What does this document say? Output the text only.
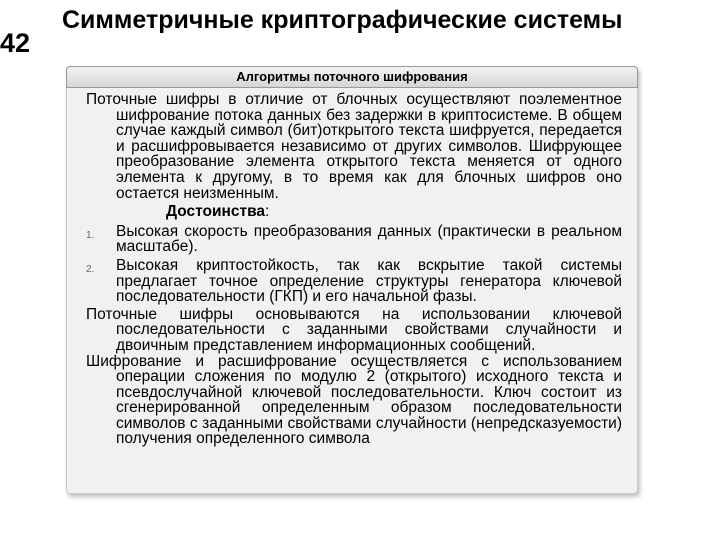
42
Симметричные криптографические системы
Алгоритмы поточного шифрования

Поточные шифры в отличие от блочных осуществляют поэлементное шифрование потока данных без задержки в криптосистеме. В общем случае каждый символ (бит)открытого текста шифруется, передается и расшифровывается независимо от других символов. Шифрующее преобразование элемента открытого текста меняется от одного элемента к другому, в то время как для блочных шифров оно остается неизменным.

Достоинства:

1. Высокая скорость преобразования данных (практически в реальном масштабе).
2. Высокая криптостойкость, так как вскрытие такой системы предлагает точное определение структуры генератора ключевой последовательности (ГКП) и его начальной фазы.

Поточные шифры основываются на использовании ключевой последовательности с заданными свойствами случайности и двоичным представлением информационных сообщений.

Шифрование и расшифрование осуществляется с использованием операции сложения по модулю 2 (открытого) исходного текста и псевдослучайной ключевой последовательности. Ключ состоит из сгенерированной определенным образом последовательности символов с заданными свойствами случайности (непредсказуемости) получения определенного символа
